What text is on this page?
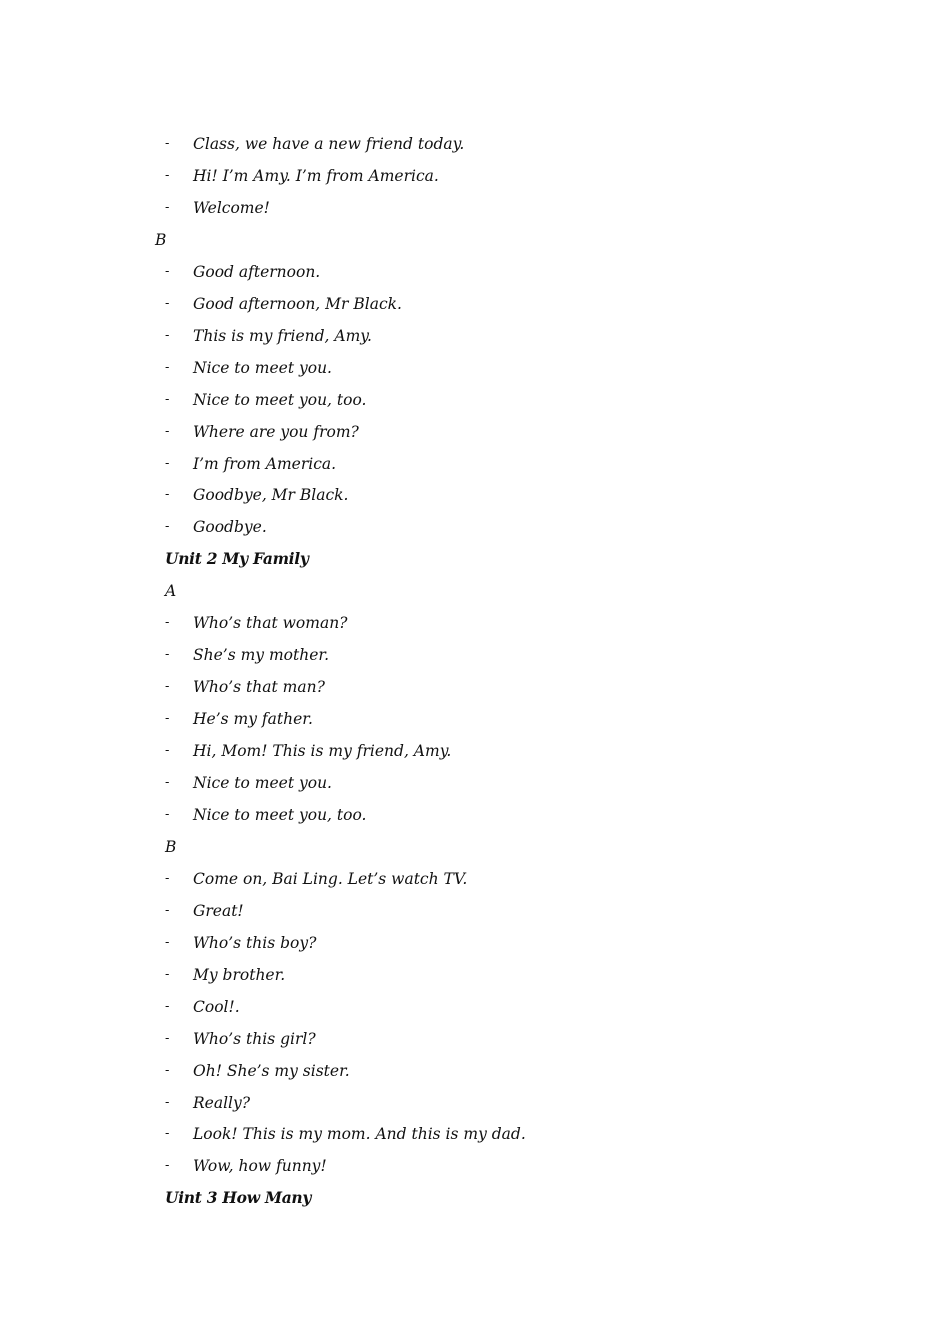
- Class, we have a new friend today.
- Hi! I’m Amy. I’m from America.
- Welcome!
B
- Good afternoon.
- Good afternoon, Mr Black.
- This is my friend, Amy.
- Nice to meet you.
- Nice to meet you, too.
- Where are you from?
- I’m from America.
- Goodbye, Mr Black.
- Goodbye.
Unit 2 My Family
A
- Who’s that woman?
- She’s my mother.
- Who’s that man?
- He’s my father.
- Hi, Mom! This is my friend, Amy.
- Nice to meet you.
- Nice to meet you, too.
B
- Come on, Bai Ling. Let’s watch TV.
- Great!
- Who’s this boy?
- My brother.
- Cool!.
- Who’s this girl?
- Oh! She’s my sister.
- Really?
- Look! This is my mom. And this is my dad.
- Wow, how funny!
Uint 3 How Many
